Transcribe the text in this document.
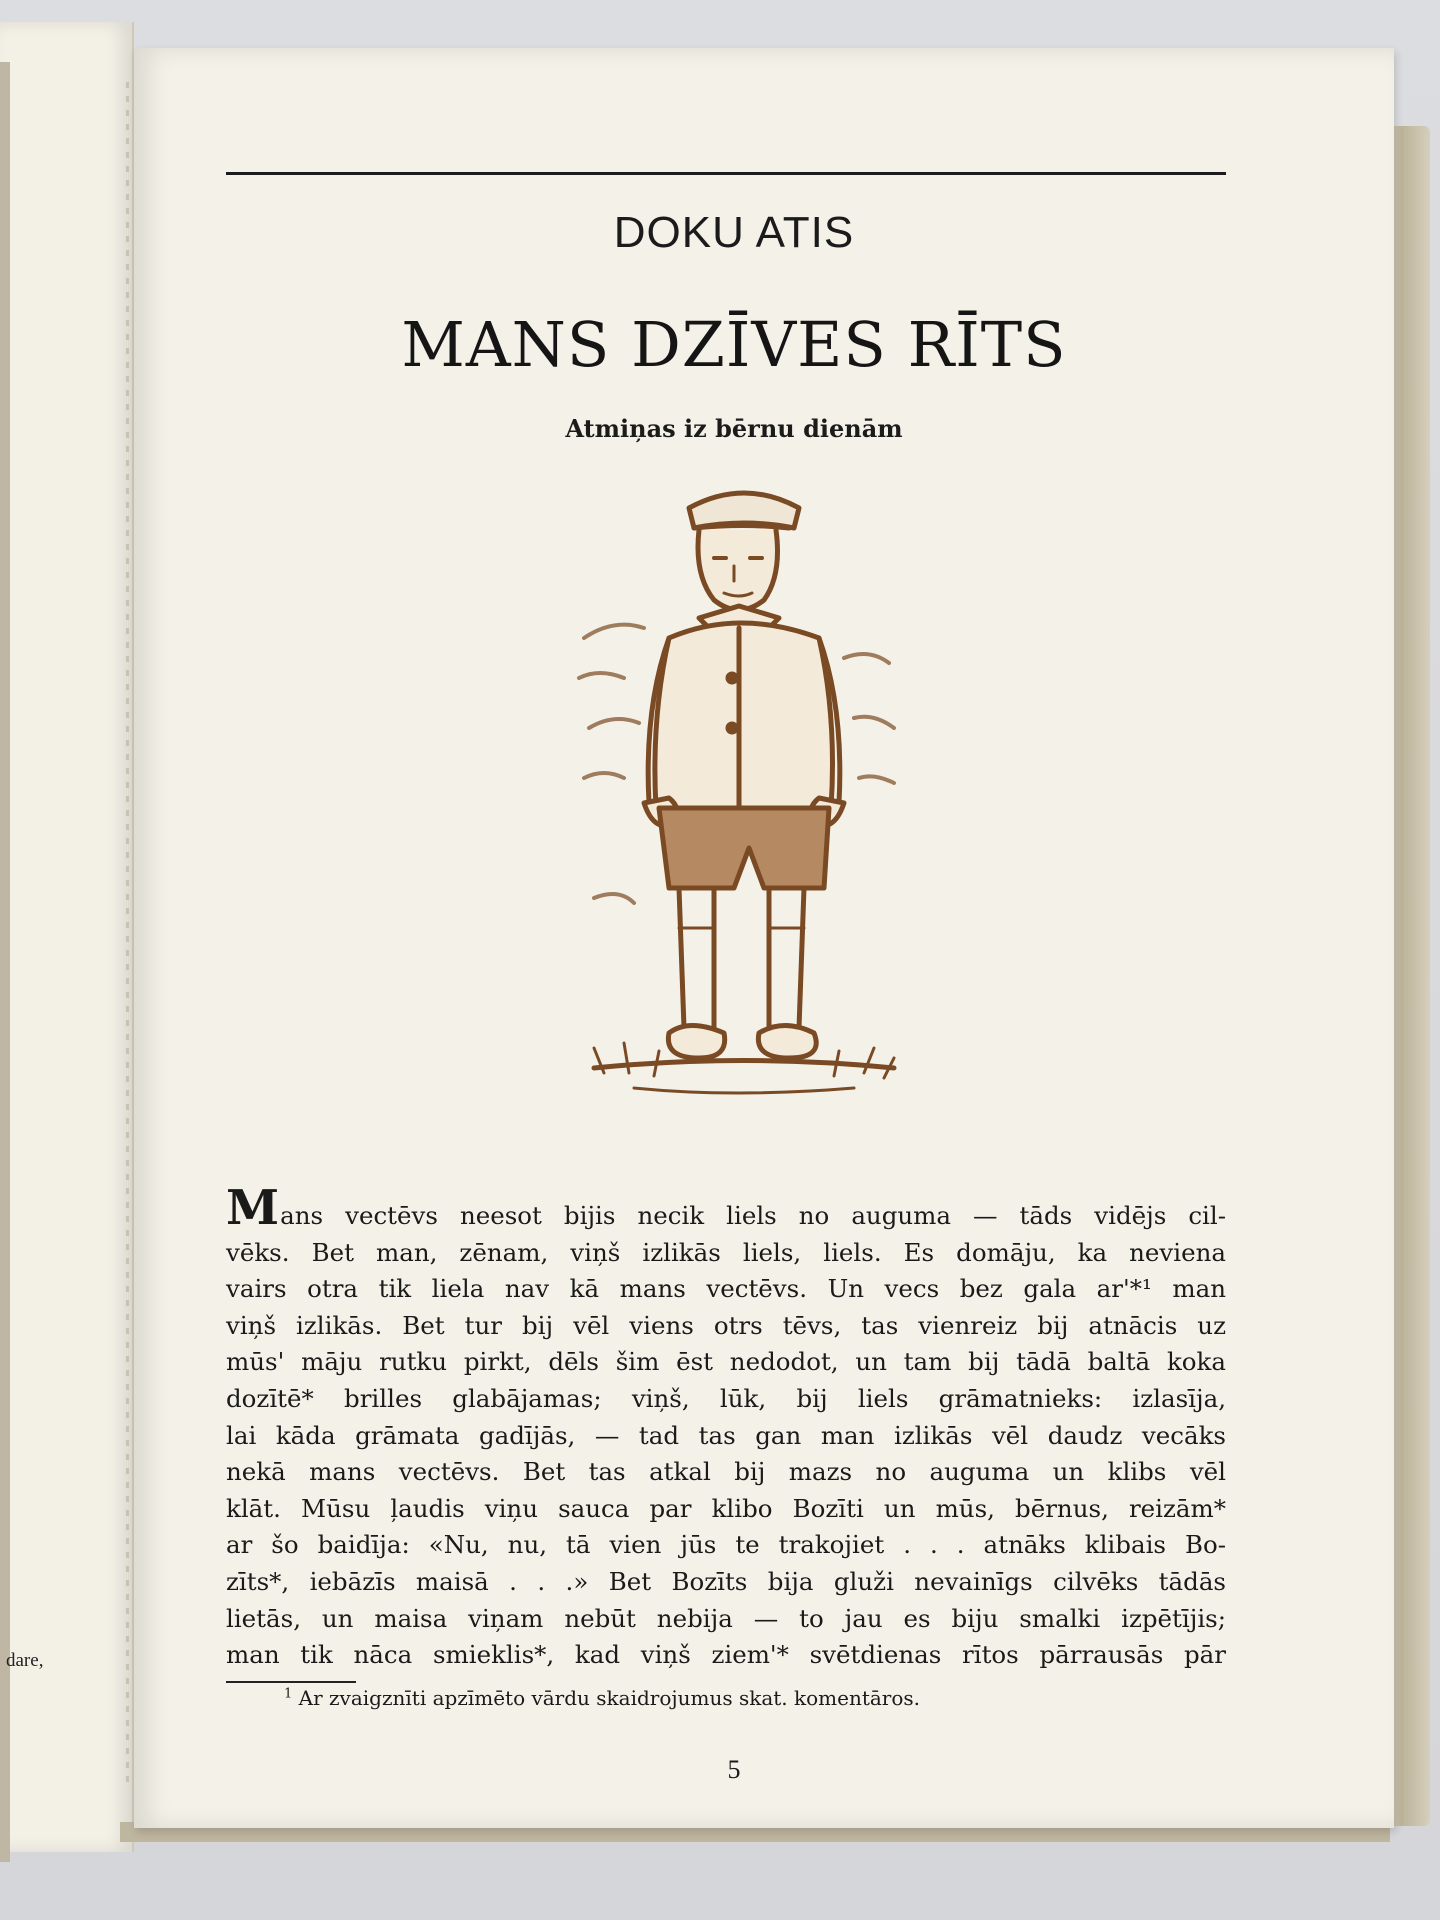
dare,
DOKU ATIS
MANS DZĪVES RĪTS
Atmiņas iz bērnu dienām
Mans vectēvs neesot bijis necik liels no auguma — tāds vidējs cil-
vēks. Bet man, zēnam, viņš izlikās liels, liels. Es domāju, ka neviena
vairs otra tik liela nav kā mans vectēvs. Un vecs bez gala ar'*¹ man
viņš izlikās. Bet tur bij vēl viens otrs tēvs, tas vienreiz bij atnācis uz
mūs' māju rutku pirkt, dēls šim ēst nedodot, un tam bij tādā baltā koka
dozītē* brilles glabājamas; viņš, lūk, bij liels grāmatnieks: izlasīja,
lai kāda grāmata gadījās, — tad tas gan man izlikās vēl daudz vecāks
nekā mans vectēvs. Bet tas atkal bij mazs no auguma un klibs vēl
klāt. Mūsu ļaudis viņu sauca par klibo Bozīti un mūs, bērnus, reizām*
ar šo baidīja: «Nu, nu, tā vien jūs te trakojiet . . . atnāks klibais Bo-
zīts*, iebāzīs maisā . . .» Bet Bozīts bija gluži nevainīgs cilvēks tādās
lietās, un maisa viņam nebūt nebija — to jau es biju smalki izpētījis;
man tik nāca smieklis*, kad viņš ziem'* svētdienas rītos pārrausās pār
$^1$ Ar zvaigznīti apzīmēto vārdu skaidrojumus skat. komentāros.
5
